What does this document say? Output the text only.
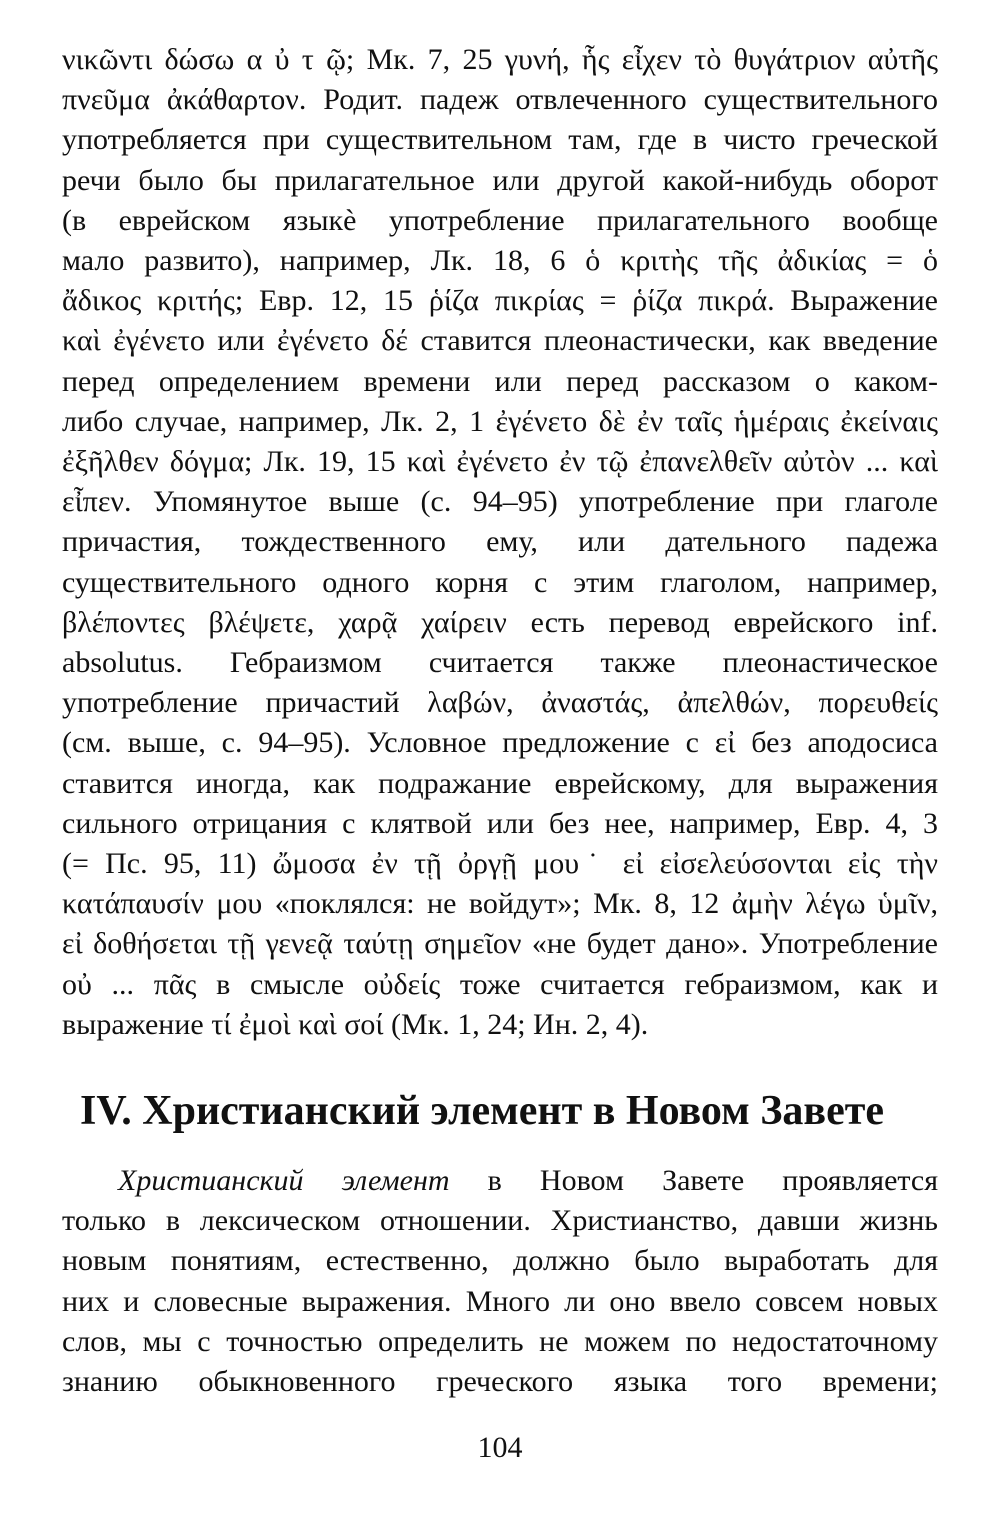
νικῶντι δώσω α ὐ τ ῷ; Мк. 7, 25 γυνή, ἧς εἶχεν τὸ θυγάτριον αὐτῆς
πνεῦμα ἀκάθαρτον. Родит. падеж отвлеченного существительного
употребляется при существительном там, где в чисто греческой
речи было бы прилагательное или другой какой-нибудь оборот
(в еврейском языкѐ употребление прилагательного вообще
мало развито), например, Лк. 18, 6 ὁ κριτὴς τῆς ἀδικίας = ὁ
ἄδικος κριτής; Евр. 12, 15 ῥίζα πικρίας = ῥίζα πικρά. Выражение
καὶ ἐγένετο или ἐγένετο δέ ставится плеонастически, как введение
перед определением времени или перед рассказом о каком-
либо случае, например, Лк. 2, 1 ἐγένετο δὲ ἐν ταῖς ἡμέραις ἐκείναις
ἐξῆλθεν δόγμα; Лк. 19, 15 καὶ ἐγένετο ἐν τῷ ἐπανελθεῖν αὐτὸν ... καὶ
εἶπεν. Упомянутое выше (с. 94–95) употребление при глаголе
причастия, тождественного ему, или дательного падежа
существительного одного корня с этим глаголом, например,
βλέποντες βλέψετε, χαρᾷ χαίρειν есть перевод еврейского inf.
absolutus. Гебраизмом считается также плеонастическое
употребление причастий λαβών, ἀναστάς, ἀπελθών, πορευθείς
(см. выше, с. 94–95). Условное предложение с εἰ без аподосиса
ставится иногда, как подражание еврейскому, для выражения
сильного отрицания с клятвой или без нее, например, Евр. 4, 3
(= Пс. 95, 11) ὤμοσα ἐν τῇ ὀργῇ μου˙ εἰ εἰσελεύσονται εἰς τὴν
κατάπαυσίν μου «поклялся: не войдут»; Мк. 8, 12 ἀμὴν λέγω ὑμῖν,
εἰ δοθήσεται τῇ γενεᾷ ταύτῃ σημεῖον «не будет дано». Употребление
οὐ ... πᾶς в смысле οὐδείς тоже считается гебраизмом, как и
выражение τί ἐμοὶ καὶ σοί (Мк. 1, 24; Ин. 2, 4).
IV. Христианский элемент в Новом Завете
Христианский элемент в Новом Завете проявляется
только в лексическом отношении. Христианство, давши жизнь
новым понятиям, естественно, должно было выработать для
них и словесные выражения. Много ли оно ввело совсем новых
слов, мы с точностью определить не можем по недостаточному
знанию обыкновенного греческого языка того времени;
104
